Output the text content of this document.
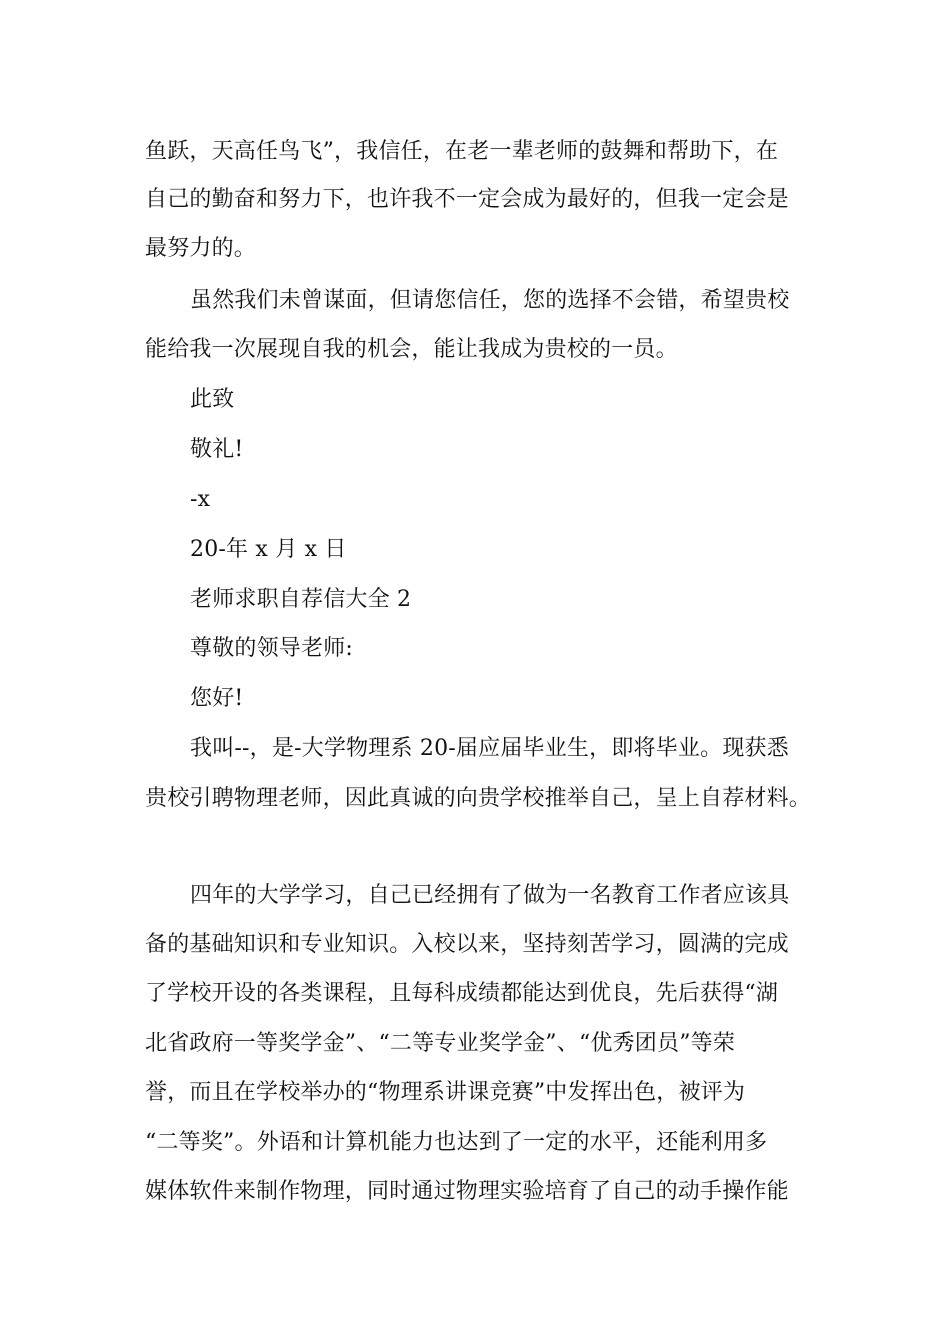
鱼跃，天高任鸟飞”，我信任，在老一辈老师的鼓舞和帮助下，在
自己的勤奋和努力下，也许我不一定会成为最好的，但我一定会是
最努力的。
虽然我们未曾谋面，但请您信任，您的选择不会错，希望贵校
能给我一次展现自我的机会，能让我成为贵校的一员。
此致
敬礼!
-x
20-年 x 月 x 日
老师求职自荐信大全 2
尊敬的领导老师:
您好!
我叫--，是-大学物理系 20-届应届毕业生，即将毕业。现获悉
贵校引聘物理老师，因此真诚的向贵学校推举自己，呈上自荐材料。
四年的大学学习，自己已经拥有了做为一名教育工作者应该具
备的基础知识和专业知识。入校以来，坚持刻苦学习，圆满的完成
了学校开设的各类课程，且每科成绩都能达到优良，先后获得“湖
北省政府一等奖学金”、“二等专业奖学金”、“优秀团员”等荣
誉，而且在学校举办的“物理系讲课竞赛”中发挥出色，被评为
“二等奖”。外语和计算机能力也达到了一定的水平，还能利用多
媒体软件来制作物理，同时通过物理实验培育了自己的动手操作能
